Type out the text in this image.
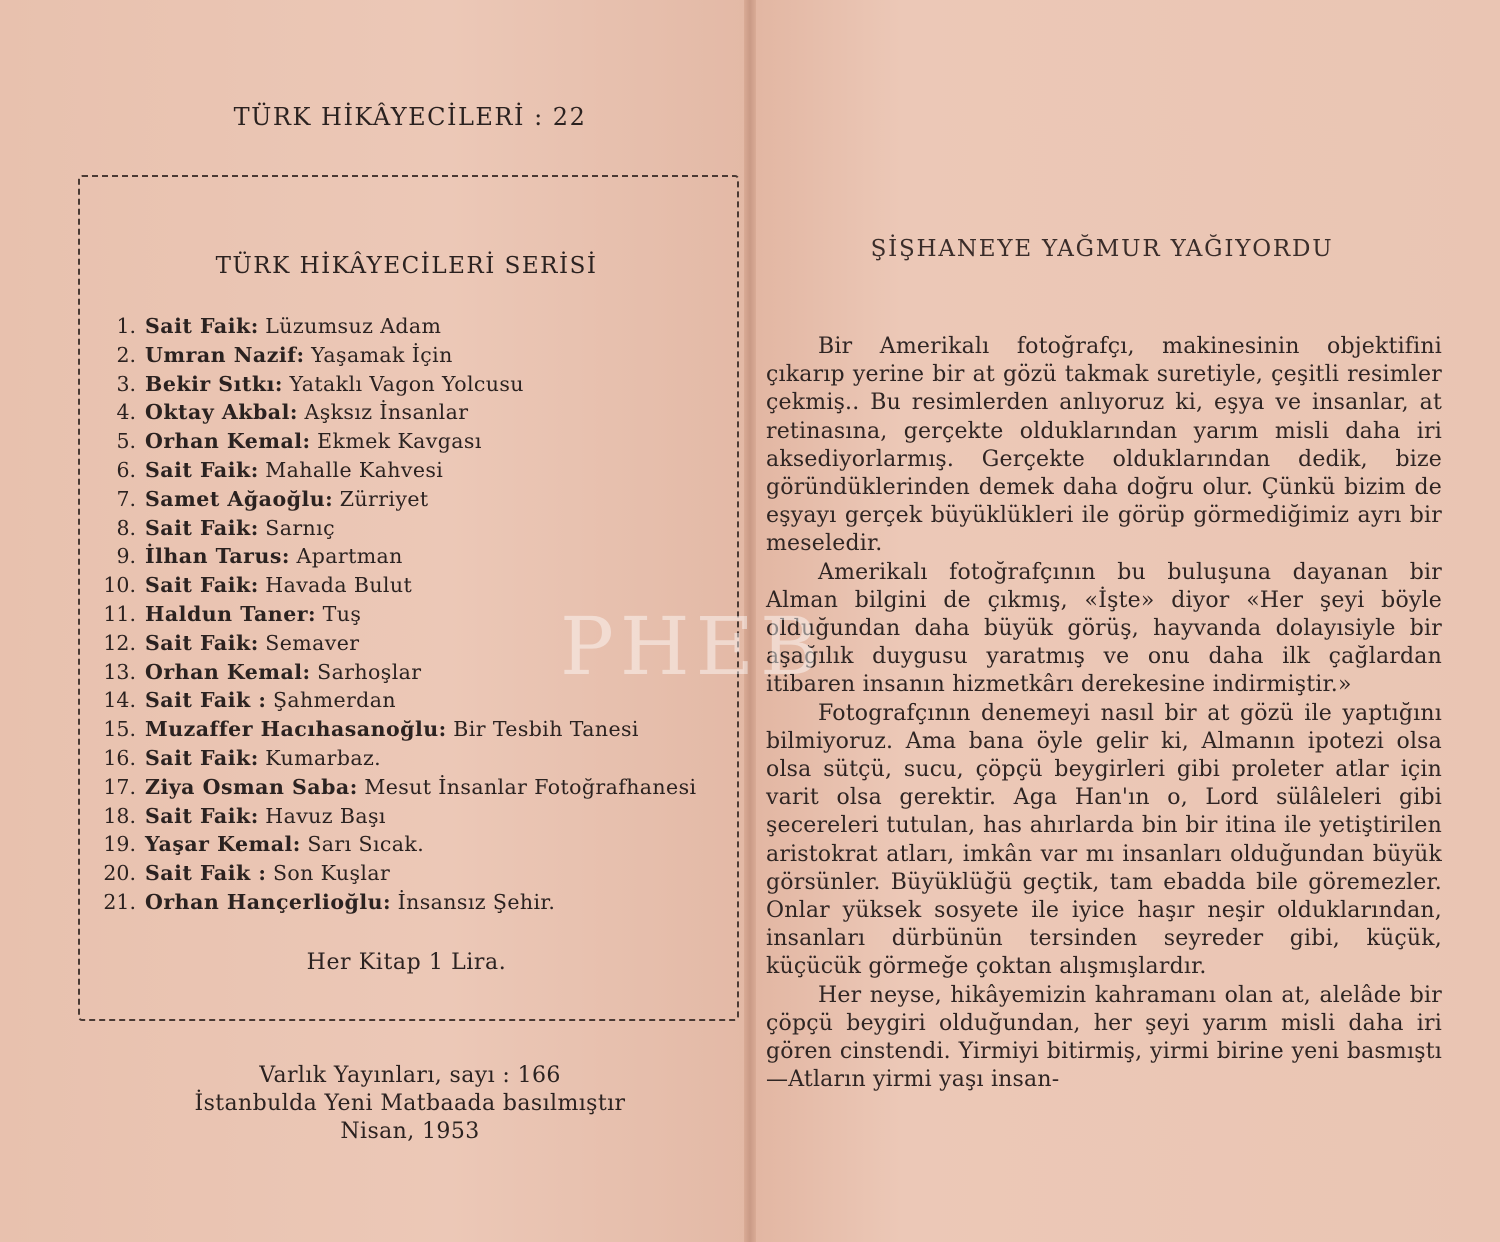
TÜRK HİKÂYECİLERİ : 22
TÜRK HİKÂYECİLERİ SERİSİ
1. Sait Faik: Lüzumsuz Adam
2. Umran Nazif: Yaşamak İçin
3. Bekir Sıtkı: Yataklı Vagon Yolcusu
4. Oktay Akbal: Aşksız İnsanlar
5. Orhan Kemal: Ekmek Kavgası
6. Sait Faik: Mahalle Kahvesi
7. Samet Ağaoğlu: Zürriyet
8. Sait Faik: Sarnıç
9. İlhan Tarus: Apartman
10. Sait Faik: Havada Bulut
11. Haldun Taner: Tuş
12. Sait Faik: Semaver
13. Orhan Kemal: Sarhoşlar
14. Sait Faik : Şahmerdan
15. Muzaffer Hacıhasanoğlu: Bir Tesbih Tanesi
16. Sait Faik: Kumarbaz.
17. Ziya Osman Saba: Mesut İnsanlar Fotoğrafhanesi
18. Sait Faik: Havuz Başı
19. Yaşar Kemal: Sarı Sıcak.
20. Sait Faik : Son Kuşlar
21. Orhan Hançerlioğlu: İnsansız Şehir.
Her Kitap 1 Lira.
Varlık Yayınları, sayı : 166
İstanbulda Yeni Matbaada basılmıştır
Nisan, 1953
ŞİŞHANEYE YAĞMUR YAĞIYORDU

Bir Amerikalı fotoğrafçı, makinesinin objektifini çıkarıp yerine bir at gözü takmak suretiyle, çeşitli resimler çekmiş.. Bu resimlerden anlıyoruz ki, eşya ve insanlar, at retinasına, gerçekte olduklarından yarım misli daha iri aksediyorlarmış. Gerçekte olduklarından dedik, bize göründüklerinden demek daha doğru olur. Çünkü bizim de eşyayı gerçek büyüklükleri ile görüp görmediğimiz ayrı bir meseledir.

Amerikalı fotoğrafçının bu buluşuna dayanan bir Alman bilgini de çıkmış, «İşte» diyor «Her şeyi böyle olduğundan daha büyük görüş, hayvanda dolayısiyle bir aşağılık duygusu yaratmış ve onu daha ilk çağlardan itibaren insanın hizmetkârı derekesine indirmiştir.»

Fotografçının denemeyi nasıl bir at gözü ile yaptığını bilmiyoruz. Ama bana öyle gelir ki, Almanın ipotezi olsa olsa sütçü, sucu, çöpçü beygirleri gibi proleter atlar için varit olsa gerektir. Aga Han'ın o, Lord sülâleleri gibi şecereleri tutulan, has ahırlarda bin bir itina ile yetiştirilen aristokrat atları, imkân var mı insanları olduğundan büyük görsünler. Büyüklüğü geçtik, tam ebadda bile göremezler. Onlar yüksek sosyete ile iyice haşır neşir olduklarından, insanları dürbünün tersinden seyreder gibi, küçük, küçücük görmeğe çoktan alışmışlardır.

Her neyse, hikâyemizin kahramanı olan at, alelâde bir çöpçü beygiri olduğundan, her şeyi yarım misli daha iri gören cinstendi. Yirmiyi bitirmiş, yirmi birine yeni basmıştı —Atların yirmi yaşı insan-

PHEB
